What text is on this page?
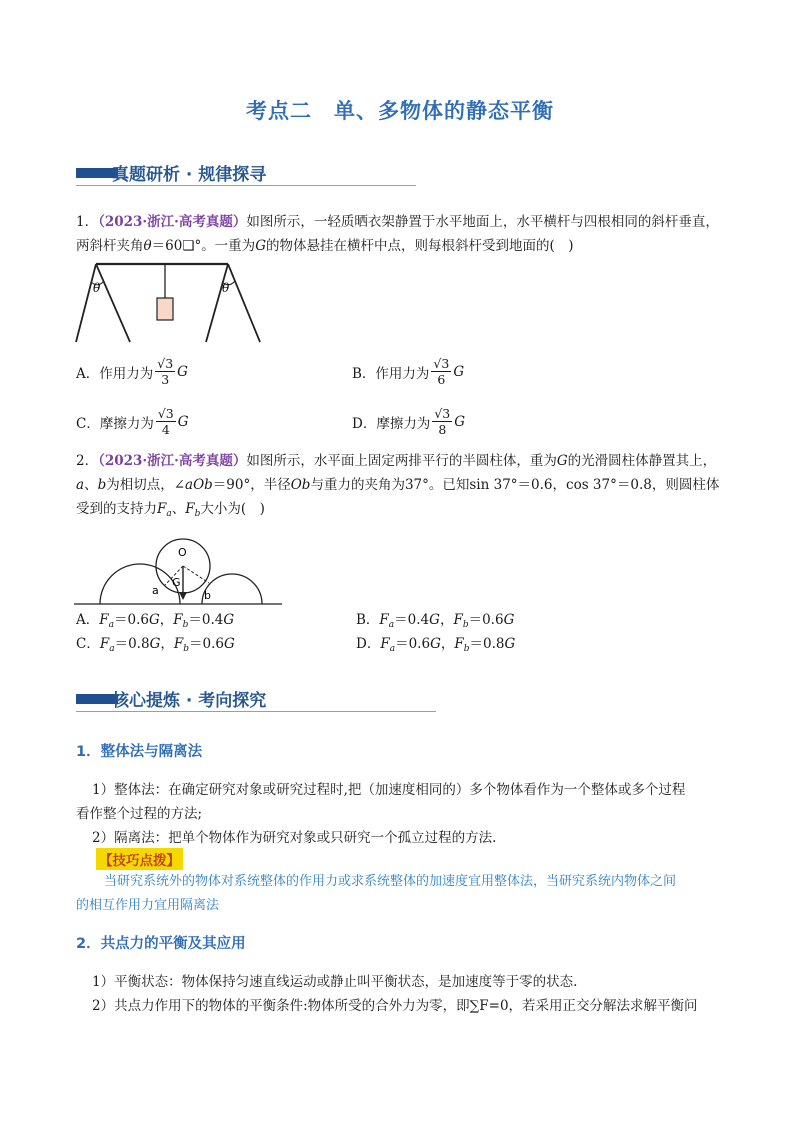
考点二　单、多物体的静态平衡
真题研析 · 规律探寻
1．（2023·浙江·高考真题）如图所示，一轻质晒衣架静置于水平地面上，水平横杆与四根相同的斜杆垂直，
两斜杆夹角θ＝60❑°。一重为G的物体悬挂在横杆中点，则每根斜杆受到地面的(　)
θ	θ
A．作用力为 $\frac{√3}{3}$ G	B．作用力为 $\frac{√3}{6}$ G
C．摩擦力为 $\frac{√3}{4}$ G	D．摩擦力为 $\frac{√3}{8}$ G
2．（2023·浙江·高考真题）如图所示，水平面上固定两排平行的半圆柱体，重为G的光滑圆柱体静置其上，
a、b为相切点，∠aOb＝90°，半径Ob与重力的夹角为37°。已知sin 37°＝0.6，cos 37°＝0.8，则圆柱体
受到的支持力$F_a$、$F_b$大小为(　)
O
G
a	b
A．$F_a=0.6G$，$F_b=0.4G$	B．$F_a=0.4G$，$F_b=0.6G$
C．$F_a=0.8G$，$F_b=0.6G$	D．$F_a=0.6G$，$F_b=0.8G$
核心提炼 · 考向探究
1．整体法与隔离法
1）整体法：在确定研究对象或研究过程时,把（加速度相同的）多个物体看作为一个整体或多个过程
看作整个过程的方法;
2）隔离法：把单个物体作为研究对象或只研究一个孤立过程的方法.
【技巧点拨】
当研究系统外的物体对系统整体的作用力或求系统整体的加速度宜用整体法，当研究系统内物体之间
的相互作用力宜用隔离法
2．共点力的平衡及其应用
1）平衡状态：物体保持匀速直线运动或静止叫平衡状态，是加速度等于零的状态.
2）共点力作用下的物体的平衡条件:物体所受的合外力为零，即∑F=0，若采用正交分解法求解平衡问
